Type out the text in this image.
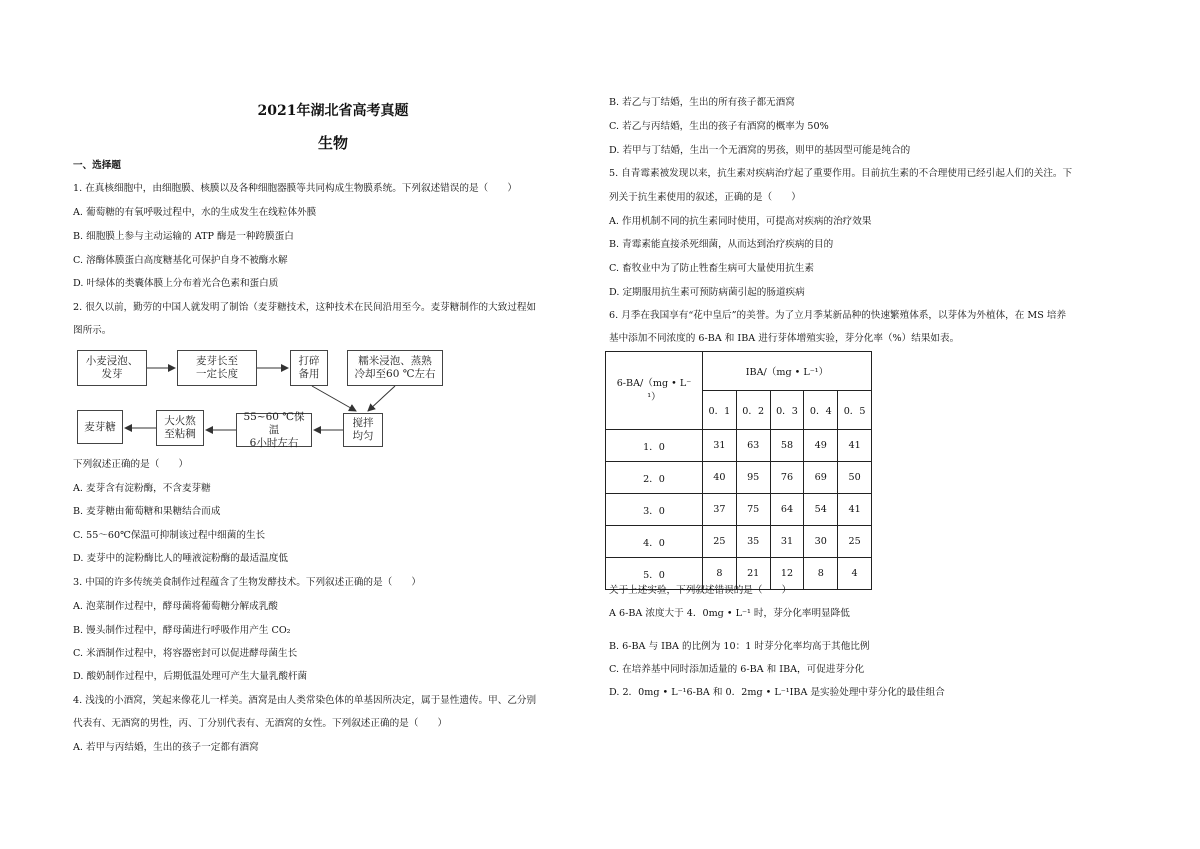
2021年湖北省高考真题
生物
一、选择题
1. 在真核细胞中，由细胞膜、核膜以及各种细胞器膜等共同构成生物膜系统。下列叙述错误的是（　　）
A. 葡萄糖的有氧呼吸过程中，水的生成发生在线粒体外膜
B. 细胞膜上参与主动运输的 ATP 酶是一种跨膜蛋白
C. 溶酶体膜蛋白高度糖基化可保护自身不被酶水解
D. 叶绿体的类囊体膜上分布着光合色素和蛋白质
2. 很久以前，勤劳的中国人就发明了制饴（麦芽糖技术，这种技术在民间沿用至今。麦芽糖制作的大致过程如
图所示。
小麦浸泡、
发芽
麦芽长至
一定长度
打碎
备用
糯米浸泡、蒸熟
冷却至60 ℃左右
搅拌
均匀
55~60 ℃保温
6小时左右
大火熬
至粘稠
麦芽糖
下列叙述正确的是（　　）
A. 麦芽含有淀粉酶，不含麦芽糖
B. 麦芽糖由葡萄糖和果糖结合而成
C. 55～60℃保温可抑制该过程中细菌的生长
D. 麦芽中的淀粉酶比人的唾液淀粉酶的最适温度低
3. 中国的许多传统美食制作过程蕴含了生物发酵技术。下列叙述正确的是（　　）
A. 泡菜制作过程中，酵母菌将葡萄糖分解成乳酸
B. 馒头制作过程中，酵母菌进行呼吸作用产生 CO₂
C. 米酒制作过程中，将容器密封可以促进酵母菌生长
D. 酸奶制作过程中，后期低温处理可产生大量乳酸杆菌
4. 浅浅的小酒窝，笑起来像花儿一样美。酒窝是由人类常染色体的单基因所决定，属于显性遗传。甲、乙分别
代表有、无酒窝的男性，丙、丁分别代表有、无酒窝的女性。下列叙述正确的是（　　）
A. 若甲与丙结婚，生出的孩子一定都有酒窝
B. 若乙与丁结婚，生出的所有孩子都无酒窝
C. 若乙与丙结婚，生出的孩子有酒窝的概率为 50%
D. 若甲与丁结婚，生出一个无酒窝的男孩，则甲的基因型可能是纯合的
5. 自青霉素被发现以来，抗生素对疾病治疗起了重要作用。目前抗生素的不合理使用已经引起人们的关注。下
列关于抗生素使用的叙述，正确的是（　　）
A. 作用机制不同的抗生素同时使用，可提高对疾病的治疗效果
B. 青霉素能直接杀死细菌，从而达到治疗疾病的目的
C. 畜牧业中为了防止牲畜生病可大量使用抗生素
D. 定期服用抗生素可预防病菌引起的肠道疾病
6. 月季在我国享有“花中皇后”的美誉。为了立月季某新品种的快速繁殖体系，以芽体为外植体，在 MS 培养
基中添加不同浓度的 6-BA 和 IBA 进行芽体增殖实验，芽分化率（%）结果如表。
6-BA/（mg • L⁻
¹）	IBA/（mg • L⁻¹）				
	0．1	0．2	0．3	0．4	0．5
1．0	31	63	58	49	41
2．0	40	95	76	69	50
3．0	37	75	64	54	41
4．0	25	35	31	30	25
5．0	8	21	12	8	4
关于上述实验，下列叙述错误的是（　　）
A 6-BA 浓度大于 4．0mg • L⁻¹ 时，芽分化率明显降低
B. 6-BA 与 IBA 的比例为 10：1 时芽分化率均高于其他比例
C. 在培养基中同时添加适量的 6-BA 和 IBA，可促进芽分化
D. 2．0mg • L⁻¹6-BA 和 0．2mg • L⁻¹IBA 是实验处理中芽分化的最佳组合
